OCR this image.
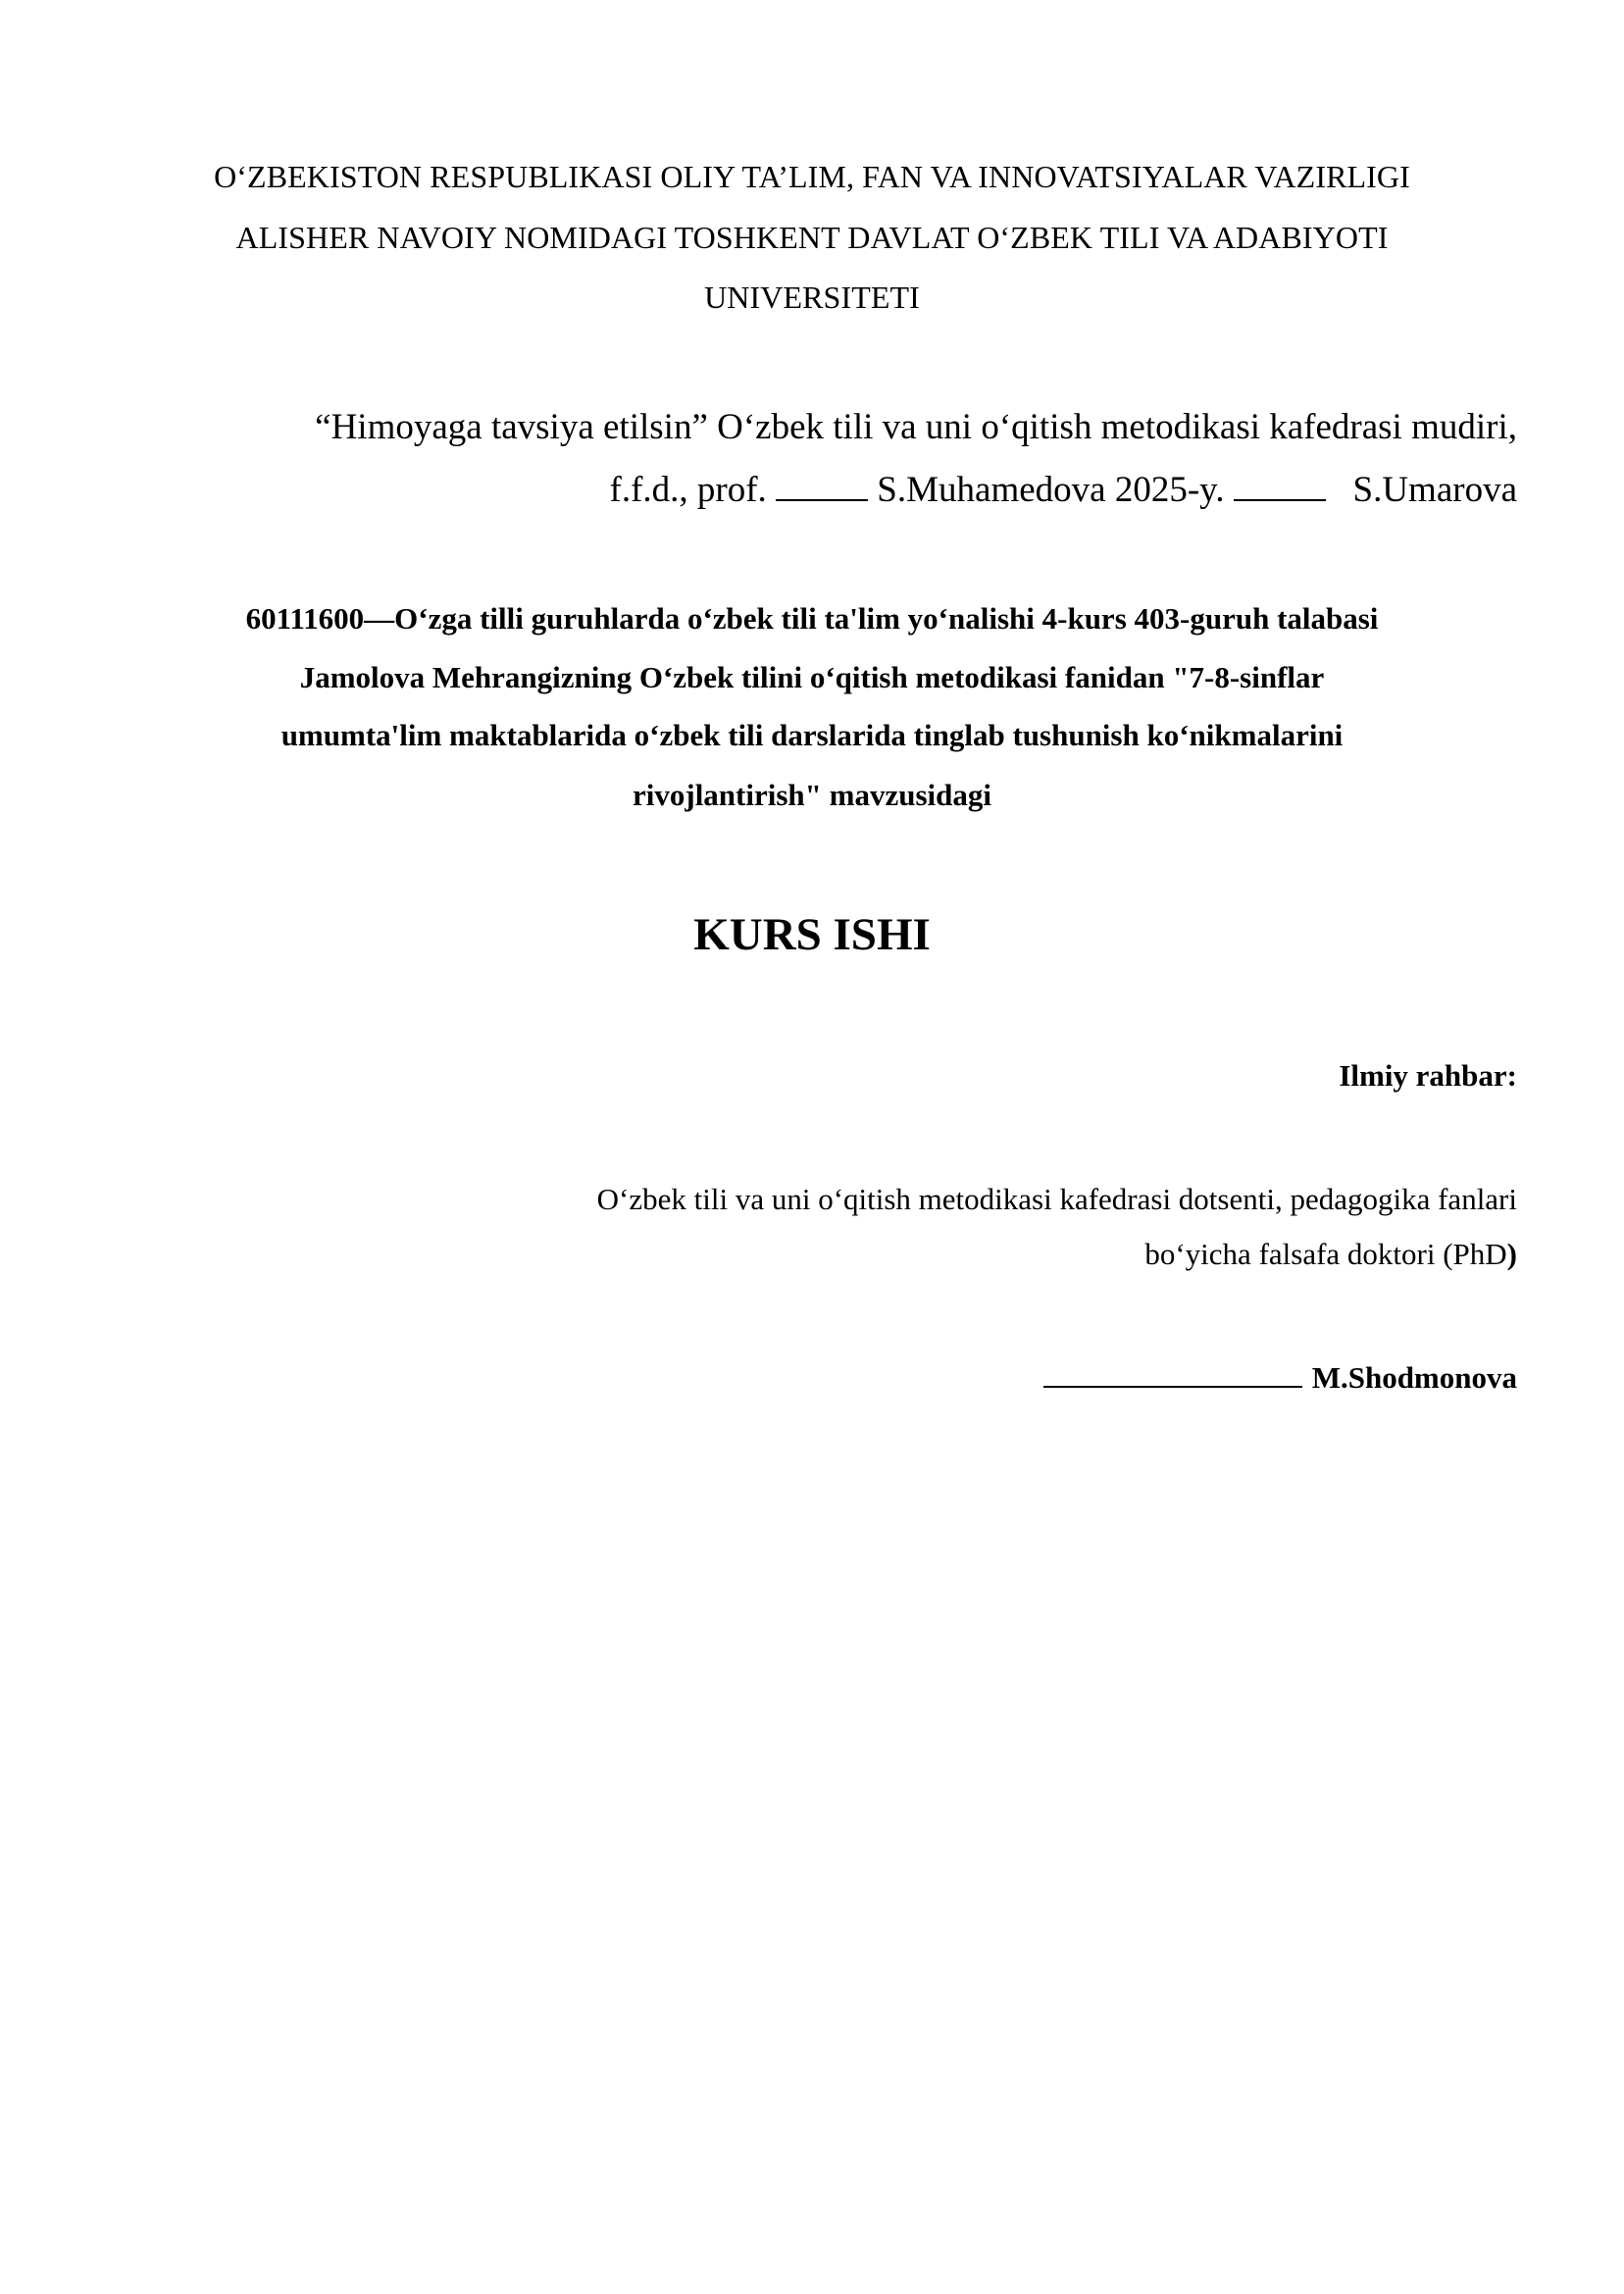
O‘ZBEKISTON RESPUBLIKASI OLIY TA’LIM, FAN VA INNOVATSIYALAR VAZIRLIGI
ALISHER NAVOIY NOMIDAGI TOSHKENT DAVLAT O‘ZBEK TILI VA ADABIYOTI
UNIVERSITETI
“Himoyaga tavsiya etilsin” O‘zbek tili va uni o‘qitish metodikasi kafedrasi mudiri,
f.f.d., prof.	S.Muhamedova 2025-y.	S.Umarova
60111600—O‘zga tilli guruhlarda o‘zbek tili ta'lim yo‘nalishi 4-kurs 403-guruh talabasi
Jamolova Mehrangizning O‘zbek tilini o‘qitish metodikasi fanidan "7-8-sinflar
umumta'lim maktablarida o‘zbek tili darslarida tinglab tushunish ko‘nikmalarini
rivojlantirish" mavzusidagi
KURS ISHI
Ilmiy rahbar:
O‘zbek tili va uni o‘qitish metodikasi kafedrasi dotsenti, pedagogika fanlari
bo‘yicha falsafa doktori (PhD)
M.Shodmonova
